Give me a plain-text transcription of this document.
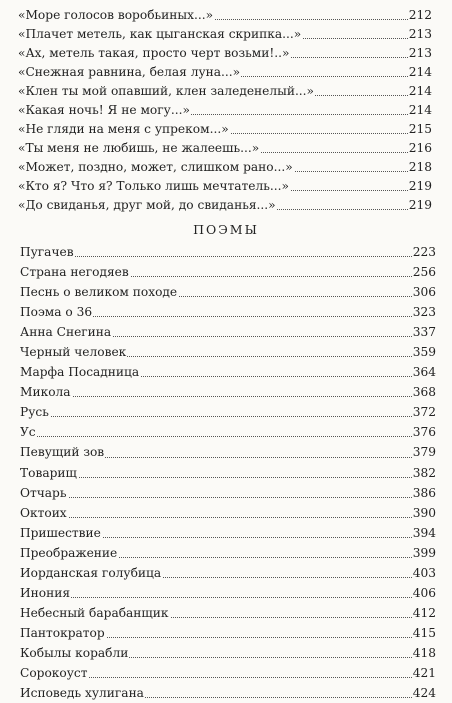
«Море голосов воробьиных...»	212
«Плачет метель, как цыганская скрипка...»	213
«Ах, метель такая, просто черт возьми!..»	213
«Снежная равнина, белая луна...»	214
«Клен ты мой опавший, клен заледенелый...»	214
«Какая ночь! Я не могу...»	214
«Не гляди на меня с упреком...»	215
«Ты меня не любишь, не жалеешь...»	216
«Может, поздно, может, слишком рано...»	218
«Кто я? Что я? Только лишь мечтатель...»	219
«До свиданья, друг мой, до свиданья...»	219
ПОЭМЫ
Пугачев	223
Страна негодяев	256
Песнь о великом походе	306
Поэма о 36	323
Анна Снегина	337
Черный человек	359
Марфа Посадница	364
Микола	368
Русь	372
Ус	376
Певущий зов	379
Товарищ	382
Отчарь	386
Октоих	390
Пришествие	394
Преображение	399
Иорданская голубица	403
Инония	406
Небесный барабанщик	412
Пантократор	415
Кобылы корабли	418
Сорокоуст	421
Исповедь хулигана	424
